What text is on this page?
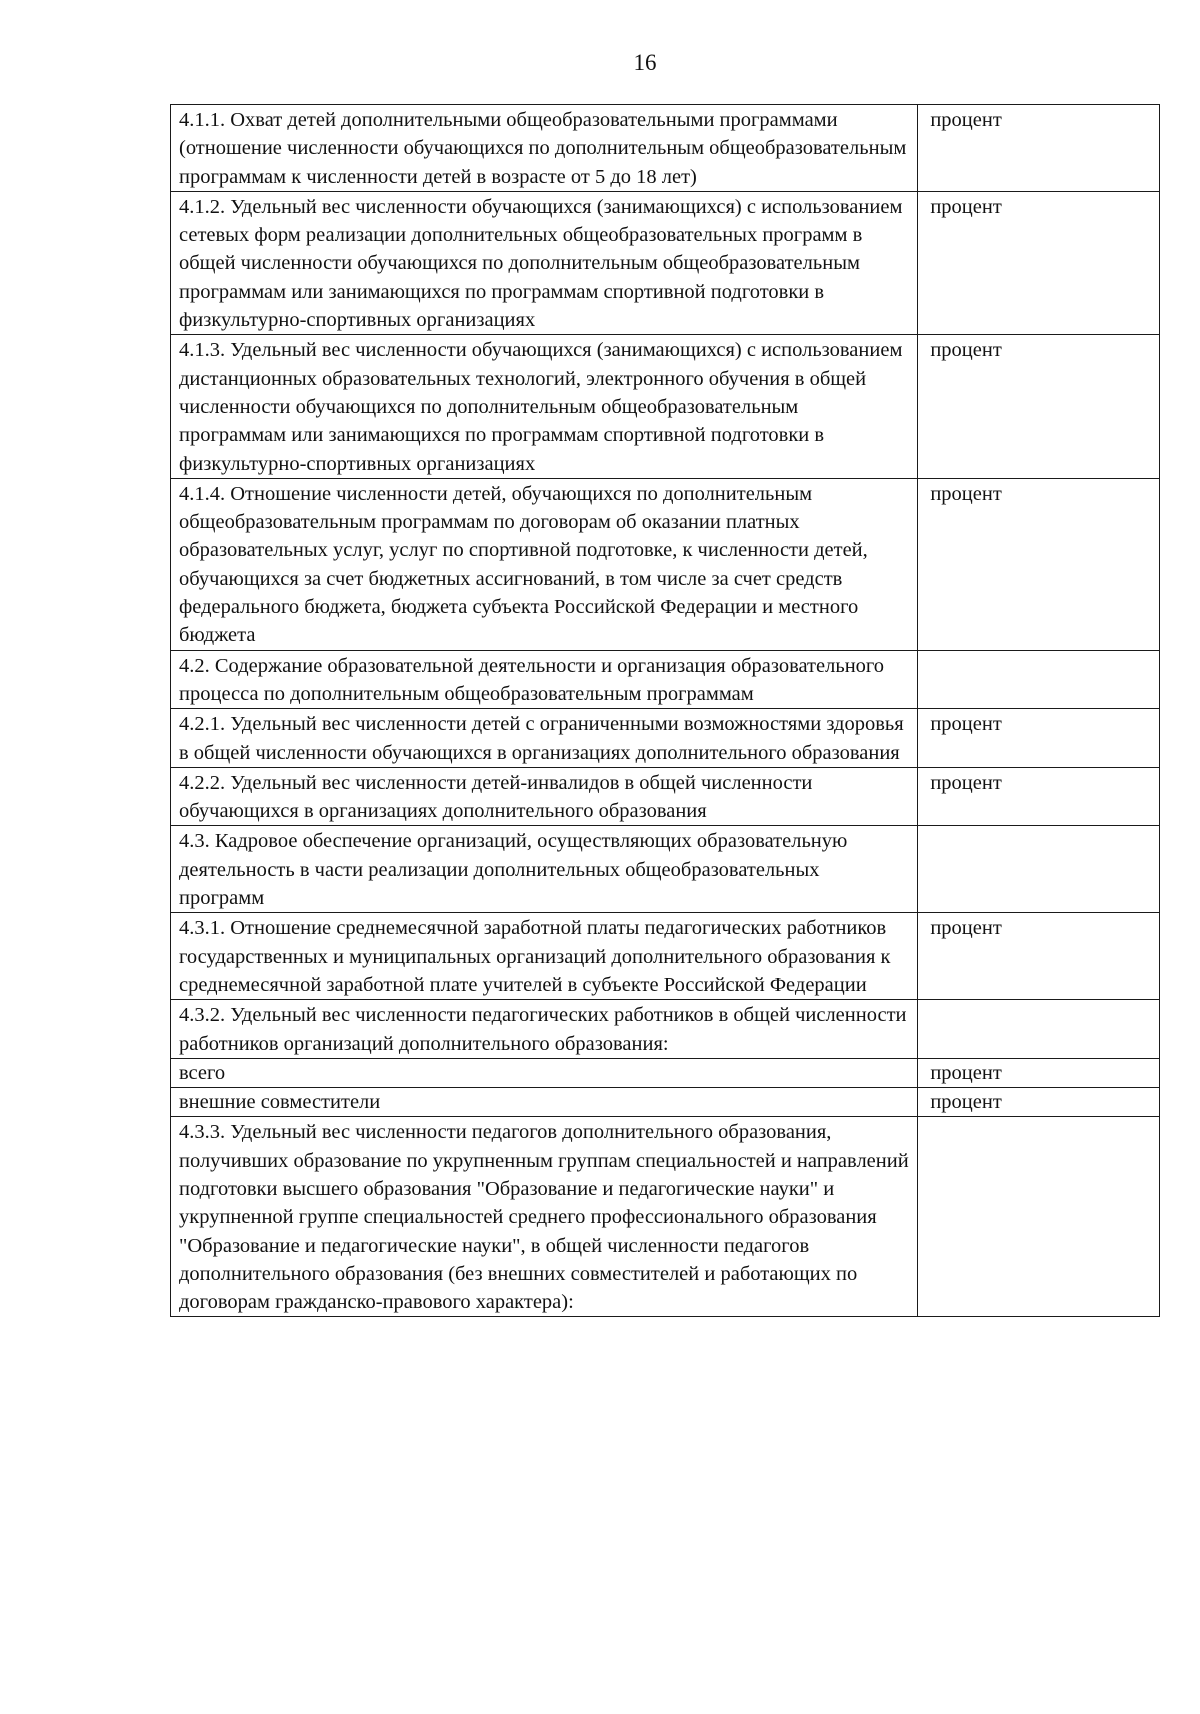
16
4.1.1. Охват детей дополнительными общеобразовательными программами (отношение численности обучающихся по дополнительным общеобразовательным программам к численности детей в возрасте от 5 до 18 лет)	процент
4.1.2. Удельный вес численности обучающихся (занимающихся) с использованием сетевых форм реализации дополнительных общеобразовательных программ в общей численности обучающихся по дополнительным общеобразовательным программам или занимающихся по программам спортивной подготовки в физкультурно-спортивных организациях	процент
4.1.3. Удельный вес численности обучающихся (занимающихся) с использованием дистанционных образовательных технологий, электронного обучения в общей численности обучающихся по дополнительным общеобразовательным программам или занимающихся по программам спортивной подготовки в физкультурно-спортивных организациях	процент
4.1.4. Отношение численности детей, обучающихся по дополнительным общеобразовательным программам по договорам об оказании платных образовательных услуг, услуг по спортивной подготовке, к численности детей, обучающихся за счет бюджетных ассигнований, в том числе за счет средств федерального бюджета, бюджета субъекта Российской Федерации и местного бюджета	процент
4.2. Содержание образовательной деятельности и организация образовательного процесса по дополнительным общеобразовательным программам	
4.2.1. Удельный вес численности детей с ограниченными возможностями здоровья в общей численности обучающихся в организациях дополнительного образования	процент
4.2.2. Удельный вес численности детей-инвалидов в общей численности обучающихся в организациях дополнительного образования	процент
4.3. Кадровое обеспечение организаций, осуществляющих образовательную деятельность в части реализации дополнительных общеобразовательных программ	
4.3.1. Отношение среднемесячной заработной платы педагогических работников государственных и муниципальных организаций дополнительного образования к среднемесячной заработной плате учителей в субъекте Российской Федерации	процент
4.3.2. Удельный вес численности педагогических работников в общей численности работников организаций дополнительного образования:	
всего	процент
внешние совместители	процент
4.3.3. Удельный вес численности педагогов дополнительного образования, получивших образование по укрупненным группам специальностей и направлений подготовки высшего образования "Образование и педагогические науки" и укрупненной группе специальностей среднего профессионального образования "Образование и педагогические науки", в общей численности педагогов дополнительного образования (без внешних совместителей и работающих по договорам гражданско-правового характера):	
